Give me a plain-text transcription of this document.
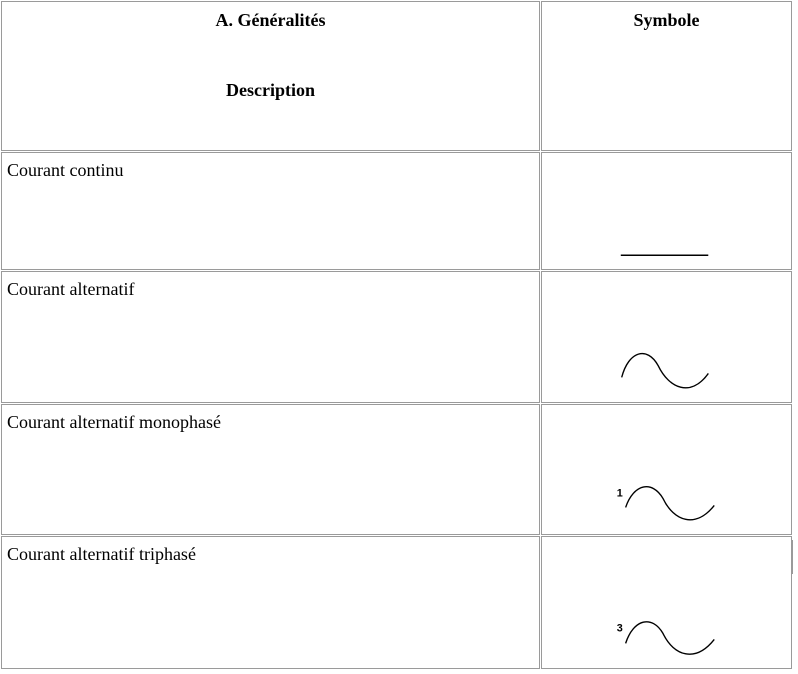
A. Généralités
Description
Symbole
Courant continu
Courant alternatif
Courant alternatif monophasé
1
Courant alternatif triphasé
3
